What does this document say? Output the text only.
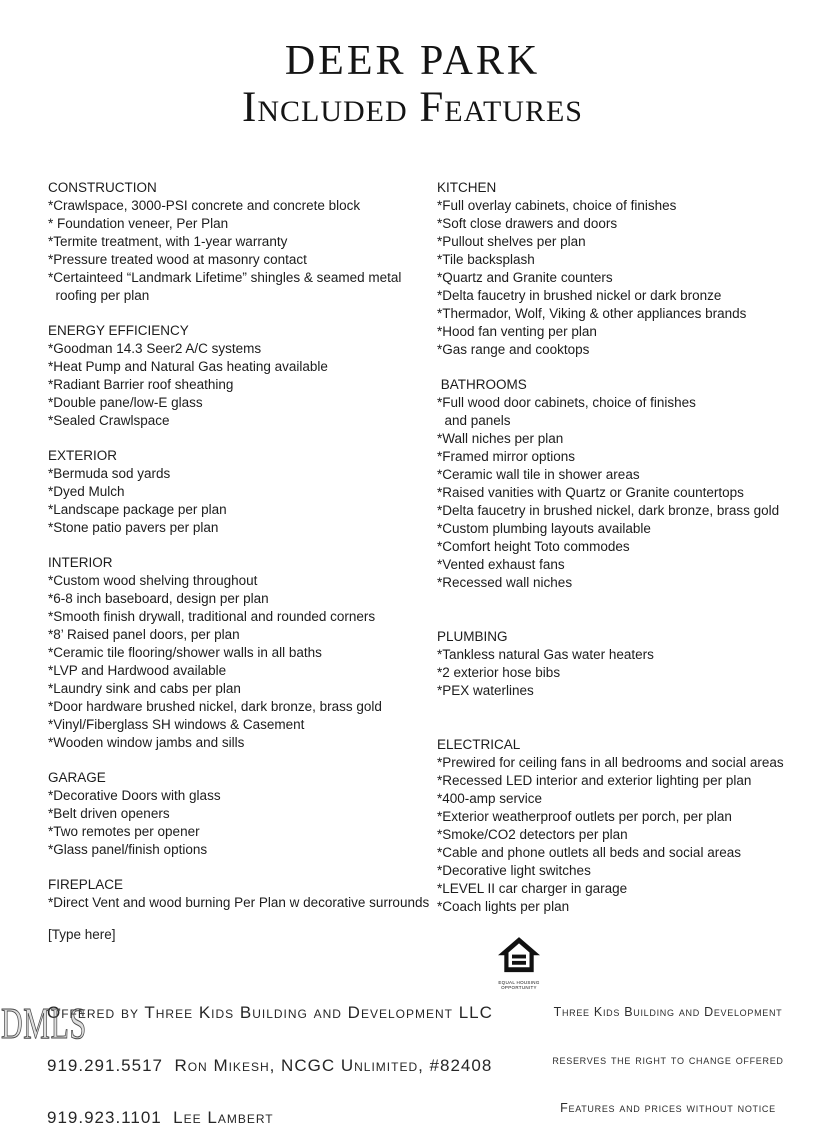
DEER PARK
Included Features
CONSTRUCTION
*Crawlspace, 3000-PSI concrete and concrete block
* Foundation veneer, Per Plan
*Termite treatment, with 1-year warranty
*Pressure treated wood at masonry contact
*Certainteed “Landmark Lifetime” shingles & seamed metal
roofing per plan
ENERGY EFFICIENCY
*Goodman 14.3 Seer2 A/C systems
*Heat Pump and Natural Gas heating available
*Radiant Barrier roof sheathing
*Double pane/low-E glass
*Sealed Crawlspace
EXTERIOR
*Bermuda sod yards
*Dyed Mulch
*Landscape package per plan
*Stone patio pavers per plan
INTERIOR
*Custom wood shelving throughout
*6-8 inch baseboard, design per plan
*Smooth finish drywall, traditional and rounded corners
*8’ Raised panel doors, per plan
*Ceramic tile flooring/shower walls in all baths
*LVP and Hardwood available
*Laundry sink and cabs per plan
*Door hardware brushed nickel, dark bronze, brass gold
*Vinyl/Fiberglass SH windows & Casement
*Wooden window jambs and sills
GARAGE
*Decorative Doors with glass
*Belt driven openers
*Two remotes per opener
*Glass panel/finish options
FIREPLACE
*Direct Vent and wood burning Per Plan w decorative surrounds
KITCHEN
*Full overlay cabinets, choice of finishes
*Soft close drawers and doors
*Pullout shelves per plan
*Tile backsplash
*Quartz and Granite counters
*Delta faucetry in brushed nickel or dark bronze
*Thermador, Wolf, Viking & other appliances brands
*Hood fan venting per plan
*Gas range and cooktops
BATHROOMS
*Full wood door cabinets, choice of finishes
and panels
*Wall niches per plan
*Framed mirror options
*Ceramic wall tile in shower areas
*Raised vanities with Quartz or Granite countertops
*Delta faucetry in brushed nickel, dark bronze, brass gold
*Custom plumbing layouts available
*Comfort height Toto commodes
*Vented exhaust fans
*Recessed wall niches
PLUMBING
*Tankless natural Gas water heaters
*2 exterior hose bibs
*PEX waterlines
ELECTRICAL
*Prewired for ceiling fans in all bedrooms and social areas
*Recessed LED interior and exterior lighting per plan
*400-amp service
*Exterior weatherproof outlets per porch, per plan
*Smoke/CO2 detectors per plan
*Cable and phone outlets all beds and social areas
*Decorative light switches
*LEVEL II car charger in garage
*Coach lights per plan
[Type here]

Offered by Three Kids Building and Development LLC

919.291.5517  Ron Mikesh, NCGC Unlimited, #82408

919.923.1101  Lee Lambert

EQUAL HOUSING
OPPORTUNITY

Three Kids Building and Development

reserves the right to change offered

Features and prices without notice

DMLS
